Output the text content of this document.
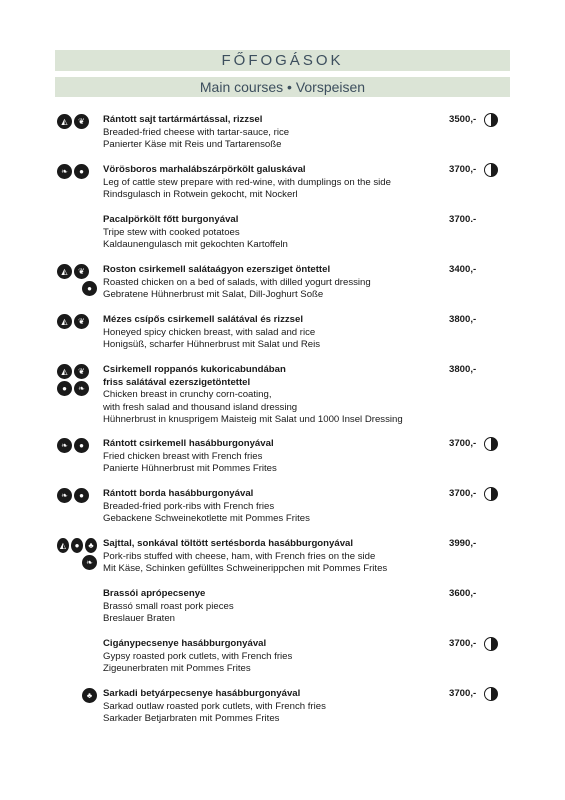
FŐFOGÁSOK
Main courses • Vorspeisen
◭	❦	Rántott sajt tartármártással, rizzsel
Breaded-fried cheese with tartar-sauce, rice
Panierter Käse mit Reis und Tartarensoße
3500,-
❧	●	Vörösboros marhalábszárpörkölt galuskával
Leg of cattle stew prepare with red-wine, with dumplings on the side
Rindsgulasch in Rotwein gekocht, mit Nockerl
3700,-
Pacalpörkölt főtt burgonyával
Tripe stew with cooked potatoes
Kaldaunengulasch mit gekochten Kartoffeln
3700.-
◭	❦
●
Roston csirkemell salátaágyon ezersziget öntettel
Roasted chicken on a bed of salads, with dilled yogurt dressing
Gebratene Hühnerbrust mit Salat, Dill-Joghurt Soße
3400,-
◭	❦	Mézes csípős csirkemell salátával és rizzsel
Honeyed spicy chicken breast, with salad and rice
Honigsüß, scharfer Hühnerbrust mit Salat und Reis
3800,-
◭	❦
●	❧
Csirkemell roppanós kukoricabundában
friss salátával ezerszigetöntettel
Chicken breast in crunchy corn-coating,
with fresh salad and thousand island dressing
Hühnerbrust in knusprigem Maisteig mit Salat und 1000 Insel Dressing
3800,-
❧	●	Rántott csirkemell hasábburgonyával
Fried chicken breast with French fries
Panierte Hühnerbrust mit Pommes Frites
3700,-
❧	●	Rántott borda hasábburgonyával
Breaded-fried pork-ribs with French fries
Gebackene Schweinekotlette mit Pommes Frites
3700,-
◭	●	♣
❧
Sajttal, sonkával töltött sertésborda hasábburgonyával
Pork-ribs stuffed with cheese, ham, with French fries on the side
Mit Käse, Schinken gefülltes Schweinerippchen mit Pommes Frites
3990,-
Brassói aprópecsenye
Brassó small roast pork pieces
Breslauer Braten
3600,-
Cigánypecsenye hasábburgonyával
Gypsy roasted pork cutlets, with French fries
Zigeunerbraten mit Pommes Frites
3700,-
♣	Sarkadi betyárpecsenye hasábburgonyával
Sarkad outlaw roasted pork cutlets, with French fries
Sarkader Betjarbraten mit Pommes Frites
3700,-
